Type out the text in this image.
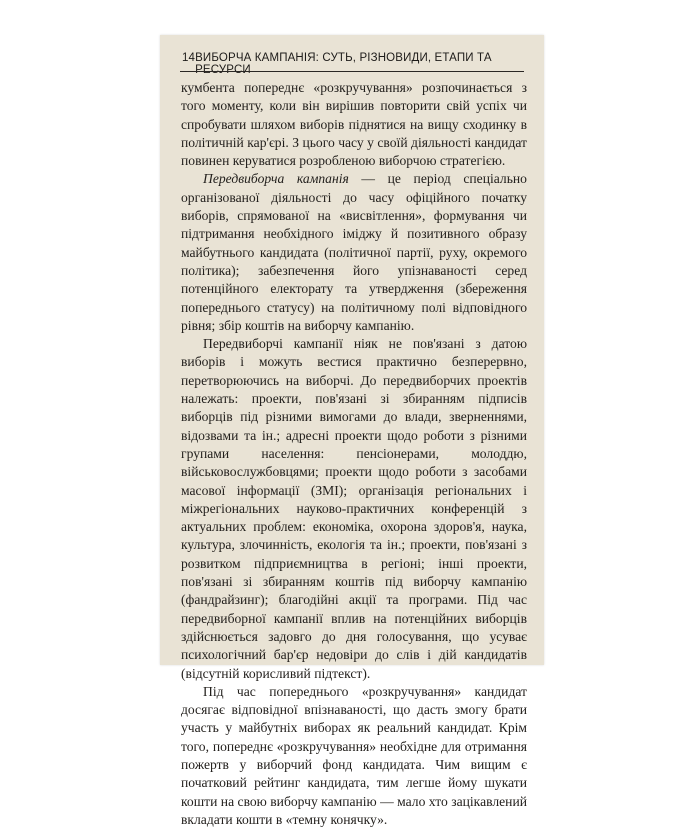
14 ВИБОРЧА КАМПАНІЯ: СУТЬ, РІЗНОВИДИ, ЕТАПИ ТА РЕСУРСИ

кумбента попереднє «розкручування» розпочинається з того моменту, коли він вирішив повторити свій успіх чи спробувати шляхом виборів піднятися на вищу сходинку в політичній кар'єрі. З цього часу у своїй діяльності кандидат повинен керуватися розробленою виборчою стратегією.

Передвиборча кампанія — це період спеціально організованої діяльності до часу офіційного початку виборів, спрямованої на «висвітлення», формування чи підтримання необхідного іміджу й позитивного образу майбутнього кандидата (політичної партії, руху, окремого політика); забезпечення його упізнаваності серед потенційного електорату та утвердження (збереження попереднього статусу) на політичному полі відповідного рівня; збір коштів на виборчу кампанію.

Передвиборчі кампанії ніяк не пов'язані з датою виборів і можуть вестися практично безперервно, перетворюючись на виборчі. До передвиборчих проектів належать: проекти, пов'язані зі збиранням підписів виборців під різними вимогами до влади, зверненнями, відозвами та ін.; адресні проекти щодо роботи з різними групами населення: пенсіонерами, молоддю, військовослужбовцями; проекти щодо роботи з засобами масової інформації (ЗМІ); організація регіональних і міжрегіональних науково-практичних конференцій з актуальних проблем: економіка, охорона здоров'я, наука, культура, злочинність, екологія та ін.; проекти, пов'язані з розвитком підприємництва в регіоні; інші проекти, пов'язані зі збиранням коштів під виборчу кампанію (фандрайзинг); благодійні акції та програми. Під час передвиборної кампанії вплив на потенційних виборців здійснюється задовго до дня голосування, що усуває психологічний бар'єр недовіри до слів і дій кандидатів (відсутній корисливий підтекст).

Під час попереднього «розкручування» кандидат досягає відповідної впізнаваності, що дасть змогу брати участь у майбутніх виборах як реальний кандидат. Крім того, попереднє «розкручування» необхідне для отримання пожертв у виборчий фонд кандидата. Чим вищим є початковий рейтинг кандидата, тим легше йому шукати кошти на свою виборчу кампанію — мало хто зацікавлений вкладати кошти в «темну конячку».
